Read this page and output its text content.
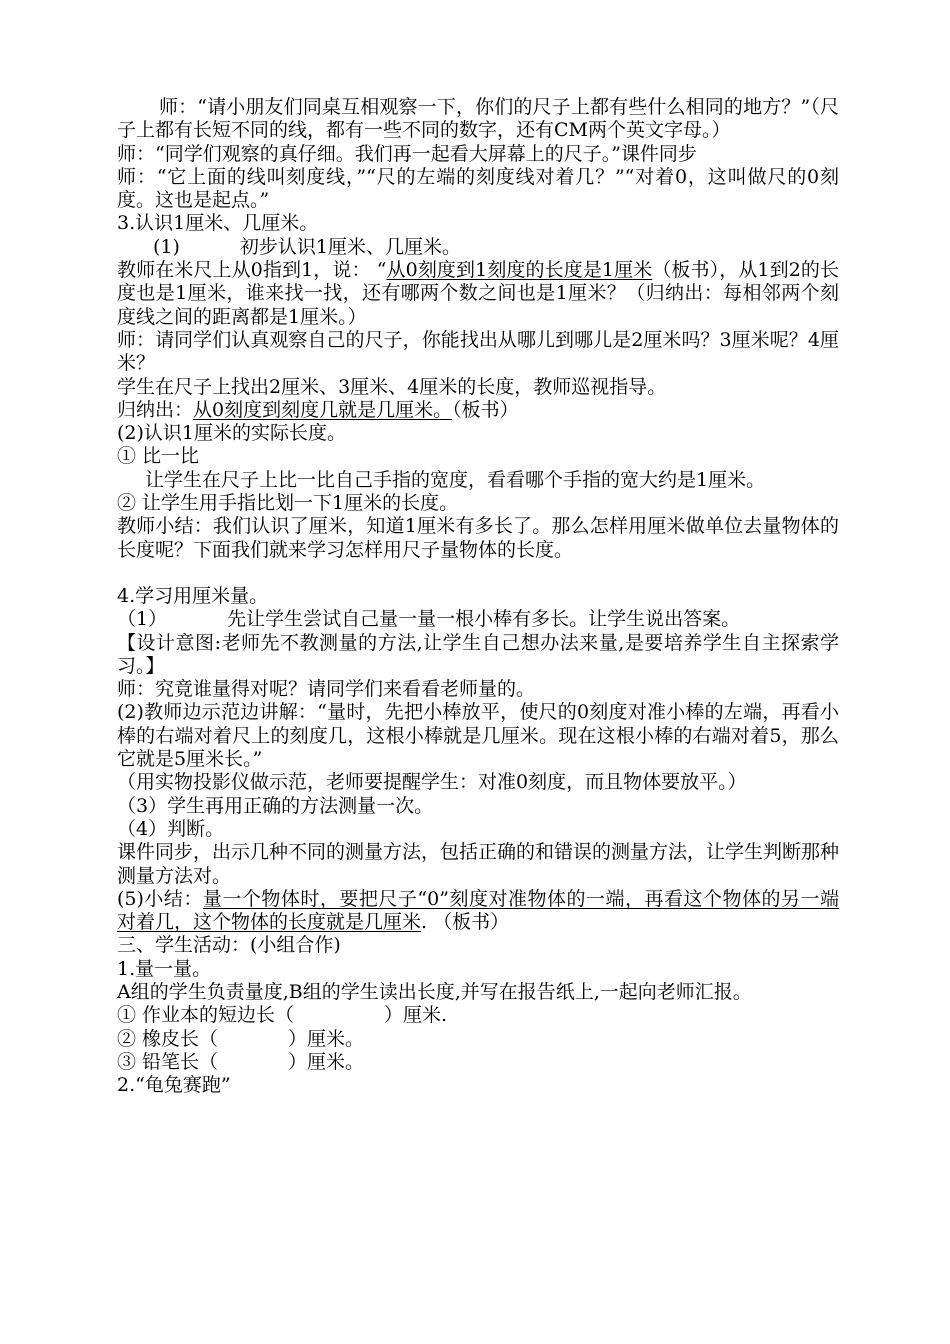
师：“请小朋友们同桌互相观察一下，你们的尺子上都有些什么相同的地方？”（尺子上都有长短不同的线，都有一些不同的数字，还有CM两个英文字母。）

师：“同学们观察的真仔细。我们再一起看大屏幕上的尺子。”课件同步

师：“它上面的线叫刻度线，”“尺的左端的刻度线对着几？”“对着0，这叫做尺的0刻度。这也是起点。”

3.认识1厘米、几厘米。

(1)	初步认识1厘米、几厘米。

教师在米尺上从0指到1，说： “从0刻度到1刻度的长度是1厘米（板书），从1到2的长度也是1厘米，谁来找一找，还有哪两个数之间也是1厘米？（归纳出：每相邻两个刻度线之间的距离都是1厘米。）

师：请同学们认真观察自己的尺子，你能找出从哪儿到哪儿是2厘米吗？3厘米呢？4厘米？

学生在尺子上找出2厘米、3厘米、4厘米的长度，教师巡视指导。

归纳出：从0刻度到刻度几就是几厘米。（板书）

(2)认识1厘米的实际长度。

① 比一比

让学生在尺子上比一比自己手指的宽度，看看哪个手指的宽大约是1厘米。

② 让学生用手指比划一下1厘米的长度。

教师小结：我们认识了厘米，知道1厘米有多长了。那么怎样用厘米做单位去量物体的长度呢？下面我们就来学习怎样用尺子量物体的长度。

4.学习用厘米量。

（1）	先让学生尝试自己量一量一根小棒有多长。让学生说出答案。

【设计意图:老师先不教测量的方法,让学生自己想办法来量,是要培养学生自主探索学习。】

师：究竟谁量得对呢？请同学们来看看老师量的。

(2)教师边示范边讲解：“量时，先把小棒放平，使尺的0刻度对准小棒的左端，再看小棒的右端对着尺上的刻度几，这根小棒就是几厘米。现在这根小棒的右端对着5，那么它就是5厘米长。”

（用实物投影仪做示范，老师要提醒学生：对准0刻度，而且物体要放平。）

（3）学生再用正确的方法测量一次。

（4）判断。

课件同步，出示几种不同的测量方法，包括正确的和错误的测量方法，让学生判断那种测量方法对。

(5)小结：量一个物体时，要把尺子“0”刻度对准物体的一端，再看这个物体的另一端对着几，这个物体的长度就是几厘米. （板书）

三、学生活动：(小组合作)

1.量一量。

A组的学生负责量度,B组的学生读出长度,并写在报告纸上,一起向老师汇报。

① 作业本的短边长（	）厘米.

② 橡皮长（	）厘米。

③ 铅笔长（	）厘米。

2.“龟兔赛跑”
